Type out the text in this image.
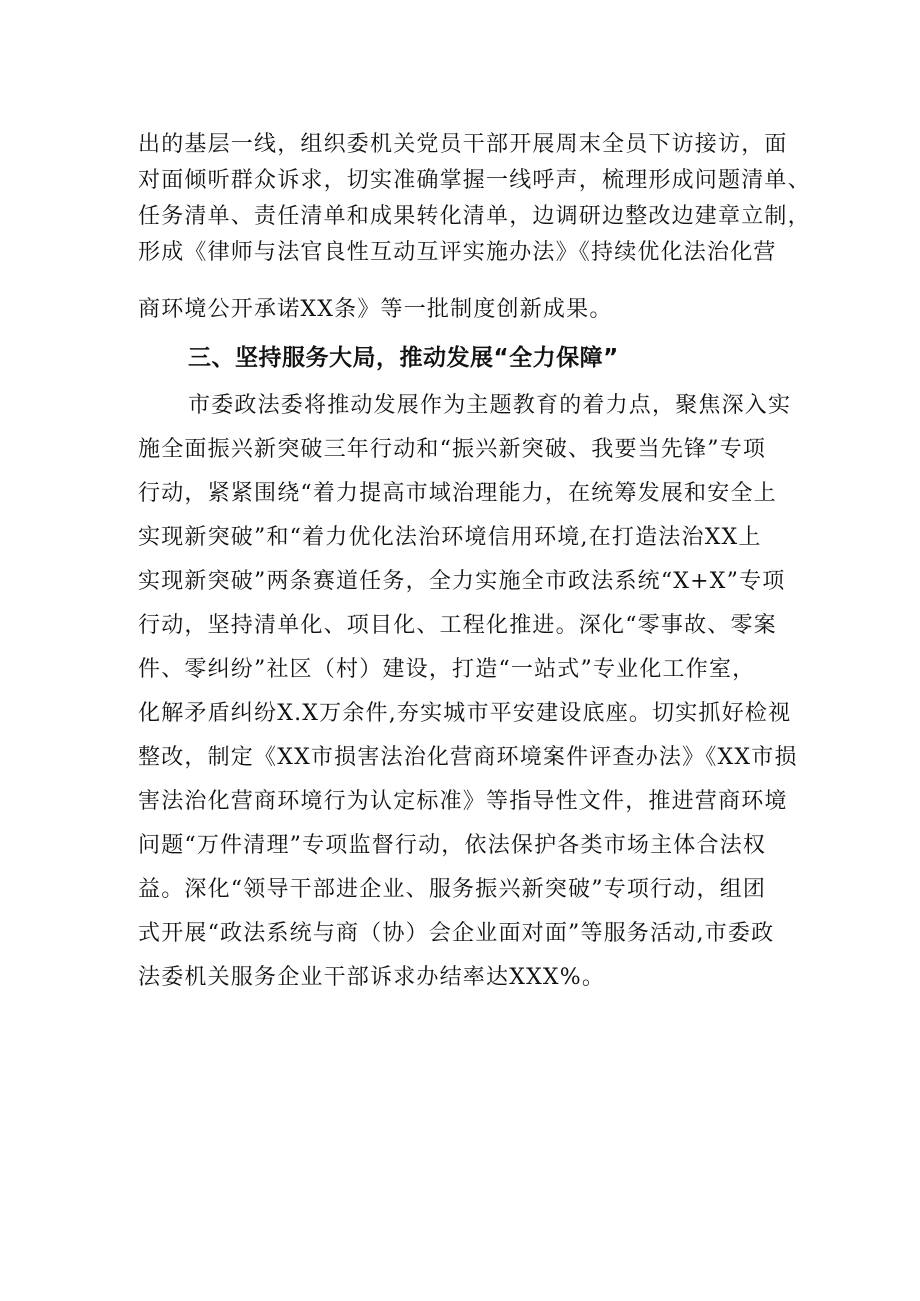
出的基层一线，组织委机关党员干部开展周末全员下访接访，面
对面倾听群众诉求，切实准确掌握一线呼声，梳理形成问题清单、
任务清单、责任清单和成果转化清单，边调研边整改边建章立制，
形成《律师与法官良性互动互评实施办法》《持续优化法治化营
商环境公开承诺XX条》等一批制度创新成果。
三、坚持服务大局，推动发展“全力保障”
市委政法委将推动发展作为主题教育的着力点，聚焦深入实
施全面振兴新突破三年行动和“振兴新突破、我要当先锋”专项
行动，紧紧围绕“着力提高市域治理能力，在统筹发展和安全上
实现新突破”和“着力优化法治环境信用环境,在打造法治XX上
实现新突破”两条赛道任务，全力实施全市政法系统“X+X”专项
行动，坚持清单化、项目化、工程化推进。深化“零事故、零案
件、零纠纷”社区（村）建设，打造“一站式”专业化工作室，
化解矛盾纠纷X.X万余件,夯实城市平安建设底座。切实抓好检视
整改，制定《XX市损害法治化营商环境案件评查办法》《XX市损
害法治化营商环境行为认定标准》等指导性文件，推进营商环境
问题“万件清理”专项监督行动，依法保护各类市场主体合法权
益。深化“领导干部进企业、服务振兴新突破”专项行动，组团
式开展“政法系统与商（协）会企业面对面”等服务活动,市委政
法委机关服务企业干部诉求办结率达XXX%。
